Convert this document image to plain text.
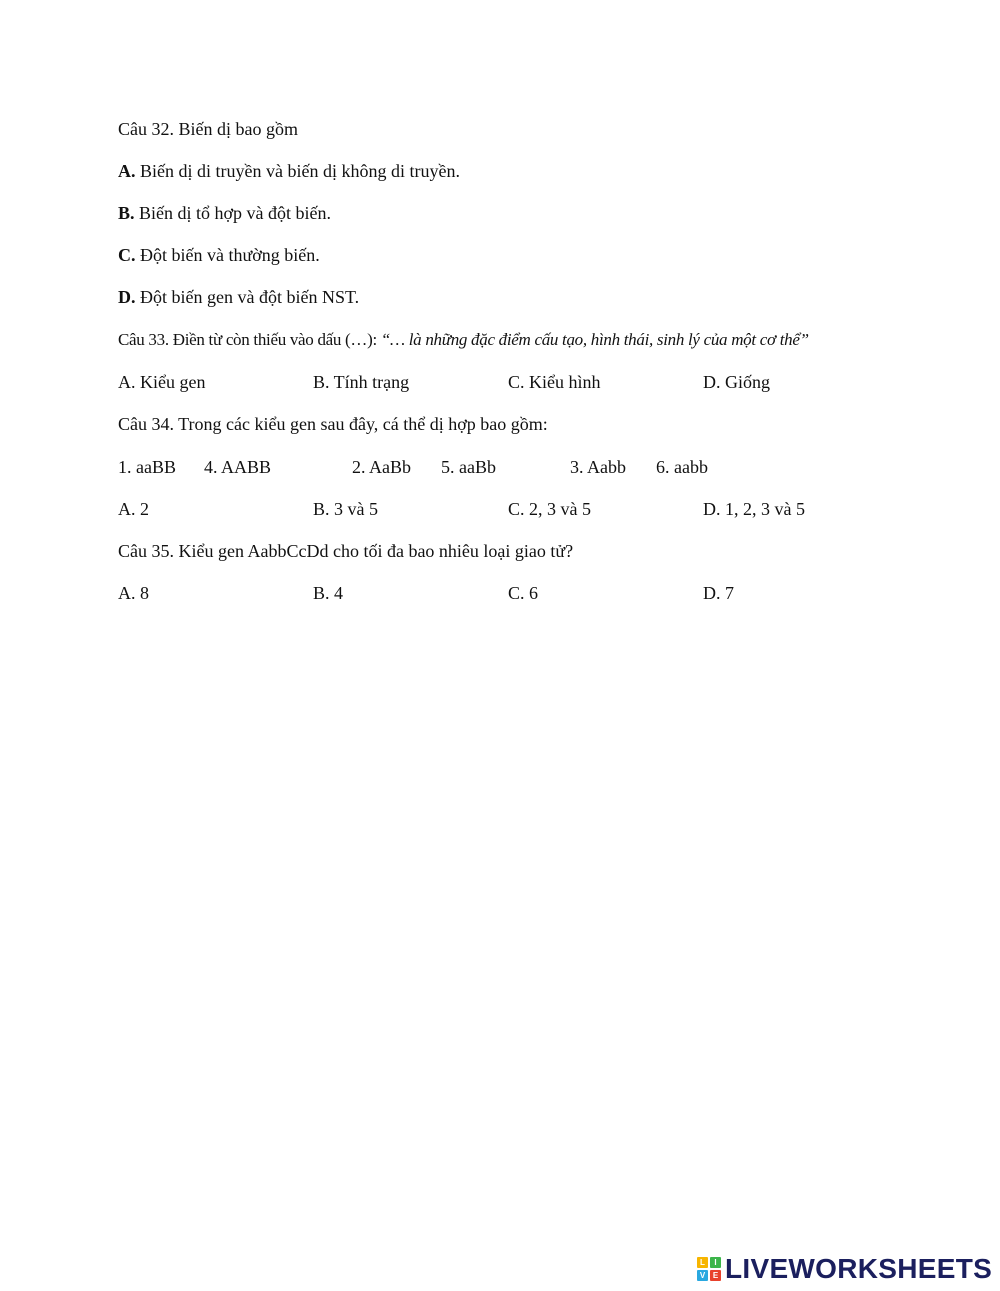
Câu 32. Biến dị bao gồm
A. Biến dị di truyền và biến dị không di truyền.
B. Biến dị tổ hợp và đột biến.
C. Đột biến và thường biến.
D. Đột biến gen và đột biến NST.
Câu 33. Điền từ còn thiếu vào dấu (…): “… là những đặc điểm cấu tạo, hình thái, sinh lý của một cơ thể”
A. Kiểu gen	B. Tính trạng	C. Kiểu hình	D. Giống
Câu 34. Trong các kiểu gen sau đây, cá thể dị hợp bao gồm:
1. aaBB 4. AABB	2. AaBb 5. aaBb	3. Aabb 6. aabb
A. 2	B. 3 và 5	C. 2, 3 và 5	D. 1, 2, 3 và 5
Câu 35. Kiểu gen AabbCcDd cho tối đa bao nhiêu loại giao tử?
A. 8	B. 4	C. 6	D. 7
L	I
V E LIVEWORKSHEETS
